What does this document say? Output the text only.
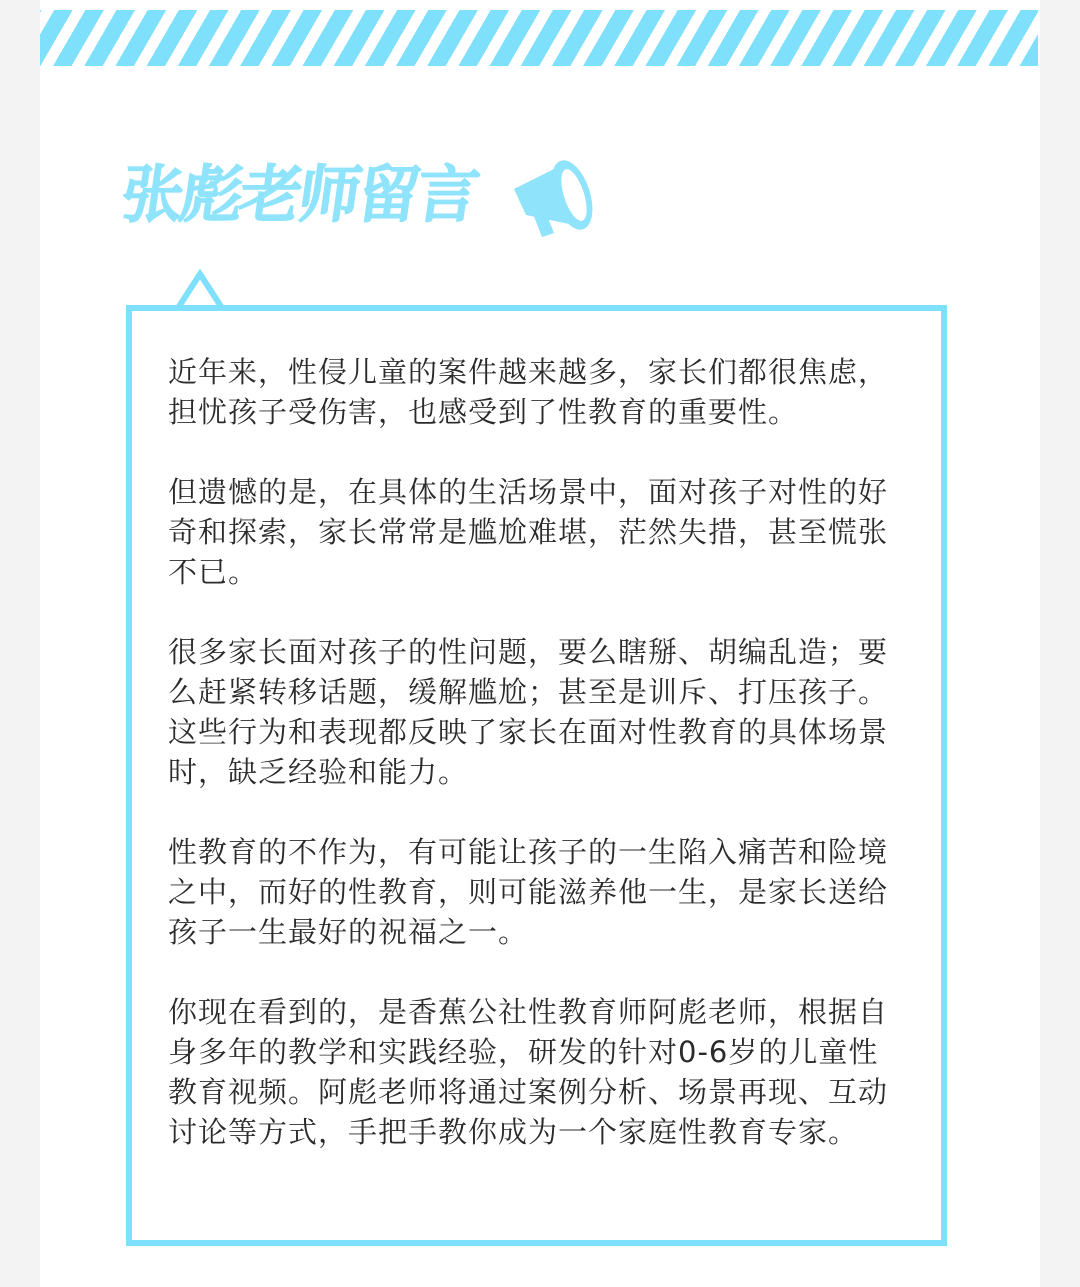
张彪老师留言

近年来，性侵儿童的案件越来越多，家长们都很焦虑，担忧孩子受伤害，也感受到了性教育的重要性。

但遗憾的是，在具体的生活场景中，面对孩子对性的好奇和探索，家长常常是尴尬难堪，茫然失措，甚至慌张不已。

很多家长面对孩子的性问题，要么瞎掰、胡编乱造；要么赶紧转移话题，缓解尴尬；甚至是训斥、打压孩子。这些行为和表现都反映了家长在面对性教育的具体场景时，缺乏经验和能力。

性教育的不作为，有可能让孩子的一生陷入痛苦和险境之中，而好的性教育，则可能滋养他一生，是家长送给孩子一生最好的祝福之一。

你现在看到的，是香蕉公社性教育师阿彪老师，根据自身多年的教学和实践经验，研发的针对0-6岁的儿童性教育视频。阿彪老师将通过案例分析、场景再现、互动讨论等方式，手把手教你成为一个家庭性教育专家。
